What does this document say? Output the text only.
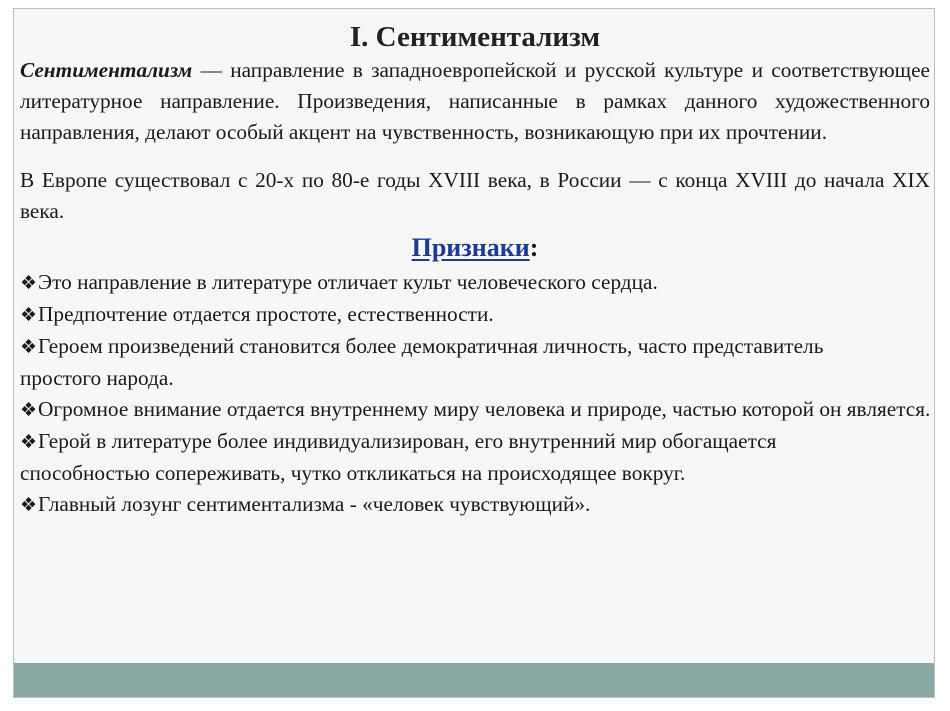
I. Сентиментализм

Сентиментализм — направление в западноевропейской и русской культуре и соответствующее литературное направление. Произведения, написанные в рамках данного художественного направления, делают особый акцент на чувственность, возникающую при их прочтении.

В Европе существовал с 20-х по 80-е годы XVIII века, в России — с конца XVIII до начала XIX века.

Признаки:
❖Это направление в литературе отличает культ человеческого сердца.
❖Предпочтение отдается простоте, естественности.
❖Героем произведений становится более демократичная личность, часто представитель простого народа.
❖Огромное внимание отдается внутреннему миру человека и природе, частью которой он является.
❖Герой в литературе более индивидуализирован, его внутренний мир обогащается способностью сопереживать, чутко откликаться на происходящее вокруг.
❖Главный лозунг сентиментализма - «человек чувствующий».
